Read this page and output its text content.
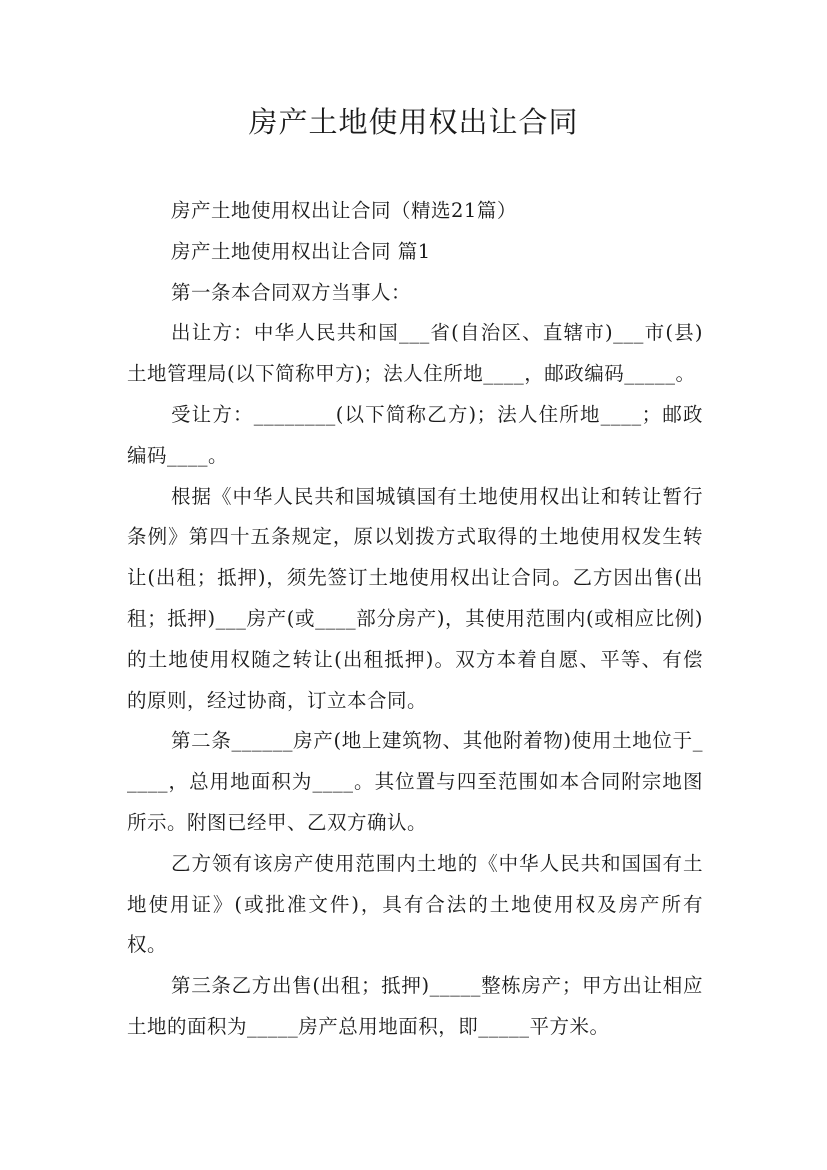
房产土地使用权出让合同

房产土地使用权出让合同（精选21篇）

房产土地使用权出让合同 篇1

第一条本合同双方当事人：

出让方：中华人民共和国___省(自治区、直辖市)___市(县)土地管理局(以下简称甲方)；法人住所地____，邮政编码_____。

受让方：________(以下简称乙方)；法人住所地____；邮政编码____。

根据《中华人民共和国城镇国有土地使用权出让和转让暂行条例》第四十五条规定，原以划拨方式取得的土地使用权发生转让(出租；抵押)，须先签订土地使用权出让合同。乙方因出售(出租；抵押)___房产(或____部分房产)，其使用范围内(或相应比例)的土地使用权随之转让(出租抵押)。双方本着自愿、平等、有偿的原则，经过协商，订立本合同。

第二条______房产(地上建筑物、其他附着物)使用土地位于_____，总用地面积为____。其位置与四至范围如本合同附宗地图所示。附图已经甲、乙双方确认。

乙方领有该房产使用范围内土地的《中华人民共和国国有土地使用证》(或批准文件)，具有合法的土地使用权及房产所有权。

第三条乙方出售(出租；抵押)_____整栋房产；甲方出让相应土地的面积为_____房产总用地面积，即_____平方米。
